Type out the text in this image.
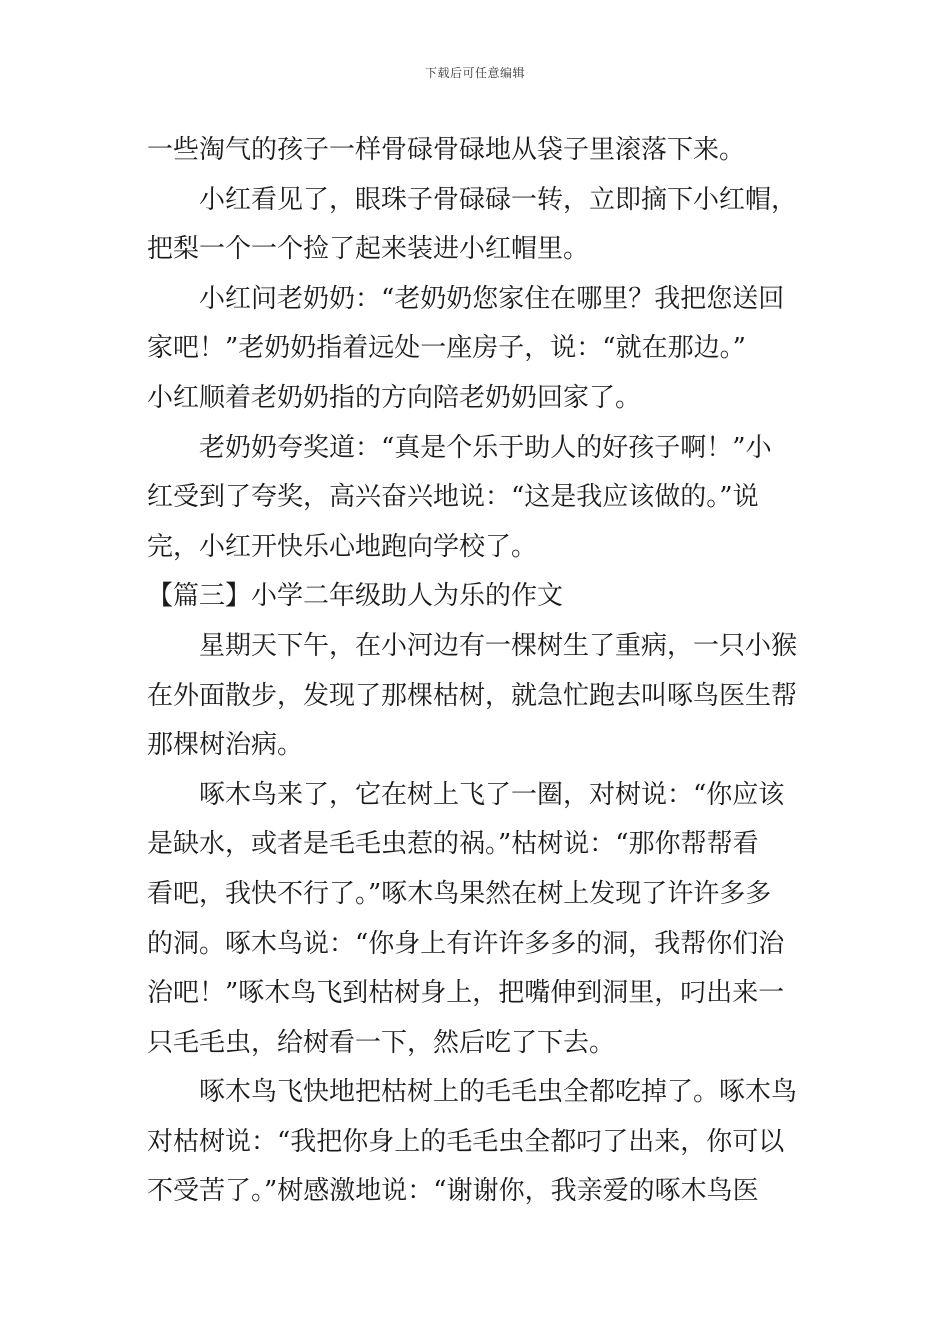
下载后可任意编辑
一些淘气的孩子一样骨碌骨碌地从袋子里滚落下来。
小红看见了，眼珠子骨碌碌一转，立即摘下小红帽，
把梨一个一个捡了起来装进小红帽里。
小红问老奶奶：“老奶奶您家住在哪里？我把您送回
家吧！”老奶奶指着远处一座房子，说：“就在那边。”
小红顺着老奶奶指的方向陪老奶奶回家了。
老奶奶夸奖道：“真是个乐于助人的好孩子啊！”小
红受到了夸奖，高兴奋兴地说：“这是我应该做的。”说
完，小红开快乐心地跑向学校了。
【篇三】小学二年级助人为乐的作文
星期天下午，在小河边有一棵树生了重病，一只小猴
在外面散步，发现了那棵枯树，就急忙跑去叫啄鸟医生帮
那棵树治病。
啄木鸟来了，它在树上飞了一圈，对树说：“你应该
是缺水，或者是毛毛虫惹的祸。”枯树说：“那你帮帮看
看吧，我快不行了。”啄木鸟果然在树上发现了许许多多
的洞。啄木鸟说：“你身上有许许多多的洞，我帮你们治
治吧！”啄木鸟飞到枯树身上，把嘴伸到洞里，叼出来一
只毛毛虫，给树看一下，然后吃了下去。
啄木鸟飞快地把枯树上的毛毛虫全都吃掉了。啄木鸟
对枯树说：“我把你身上的毛毛虫全都叼了出来，你可以
不受苦了。”树感激地说：“谢谢你，我亲爱的啄木鸟医
